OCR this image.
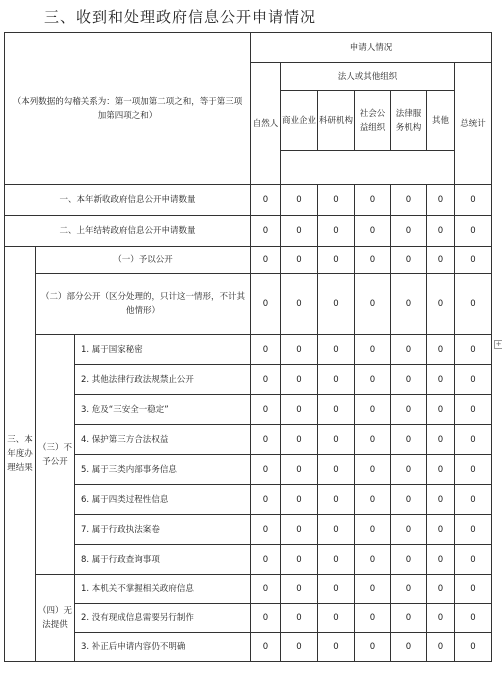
三、收到和处理政府信息公开申请情况
（本列数据的勾稽关系为：第一项加第二项之和，等于第三项加第四项之和）			申请人情况						
			自然人	法人或其他组织					总统计
				商业企业	科研机构	社会公益组织	法律服务机构	其他	

一、本年新收政府信息公开申请数量			0	0	0	0	0	0	0
二、上年结转政府信息公开申请数量			0	0	0	0	0	0	0
三、本年度办理结果	（一）予以公开		0	0	0	0	0	0	0
	（二）部分公开（区分处理的，只计这一情形，不计其他情形）		0	0	0	0	0	0	0
	（三）不予公开	1. 属于国家秘密	0	0	0	0	0	0	0
		2. 其他法律行政法规禁止公开	0	0	0	0	0	0	0
		3. 危及“三安全一稳定”	0	0	0	0	0	0	0
		4. 保护第三方合法权益	0	0	0	0	0	0	0
		5. 属于三类内部事务信息	0	0	0	0	0	0	0
		6. 属于四类过程性信息	0	0	0	0	0	0	0
		7. 属于行政执法案卷	0	0	0	0	0	0	0
		8. 属于行政查询事项	0	0	0	0	0	0	0
	（四）无法提供	1. 本机关不掌握相关政府信息	0	0	0	0	0	0	0
		2. 没有现成信息需要另行制作	0	0	0	0	0	0	0
		3. 补正后申请内容仍不明确	0	0	0	0	0	0	0
+
